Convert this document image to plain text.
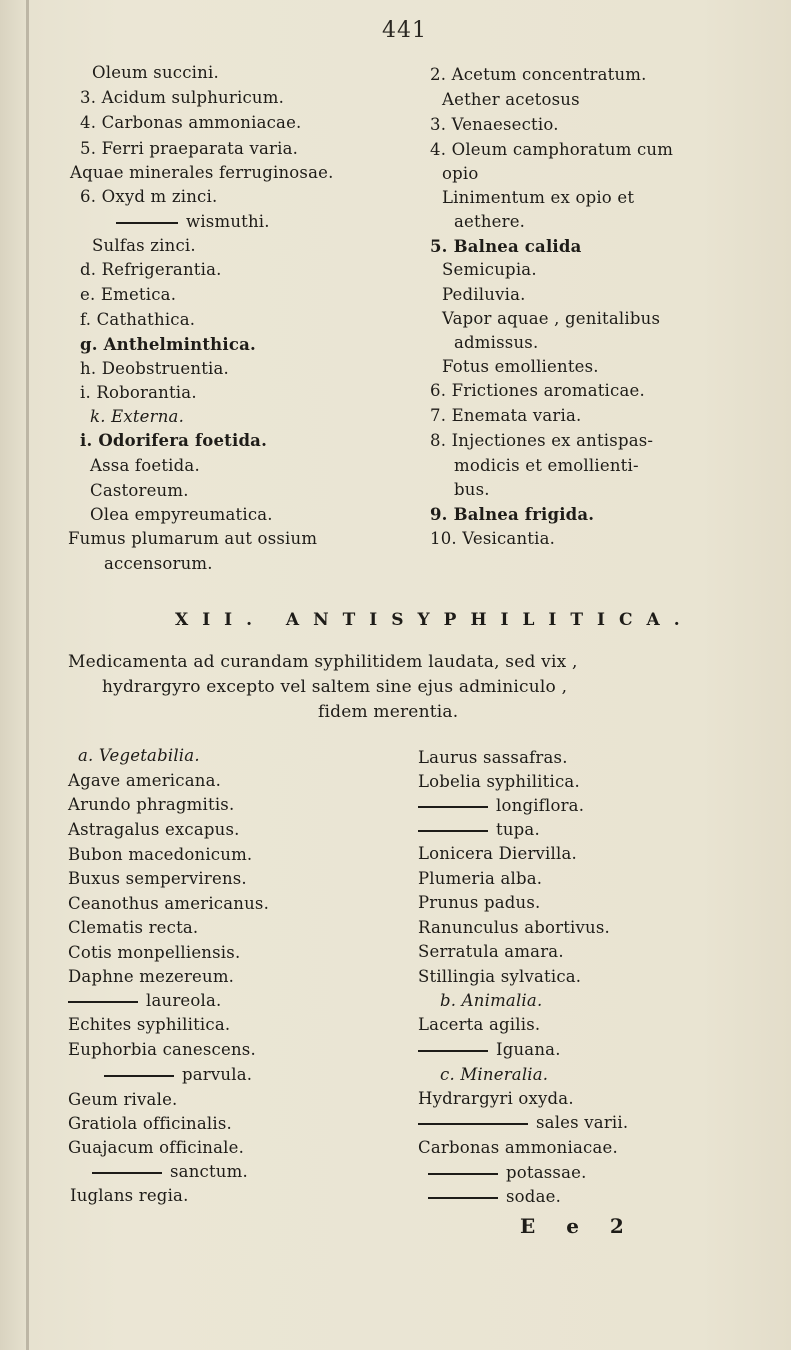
441
Oleum succini.
3. Acidum sulphuricum.
4. Carbonas ammoniacae.
5. Ferri praeparata varia.
Aquae minerales ferruginosae.
6. Oxyd m zinci.
wismuthi.
Sulfas zinci.
d. Refrigerantia.
e. Emetica.
f. Cathathica.
g. Anthelminthica.
h. Deobstruentia.
i. Roborantia.
k. Externa.
i. Odorifera foetida.
Assa foetida.
Castoreum.
Olea empyreumatica.
Fumus plumarum aut ossium
accensorum.
2. Acetum concentratum.
Aether acetosus
3. Venaesectio.
4. Oleum camphoratum cum
opio
Linimentum ex opio et
aethere.
5. Balnea calida
Semicupia.
Pediluvia.
Vapor aquae , genitalibus
admissus.
Fotus emollientes.
6. Frictiones aromaticae.
7. Enemata varia.
8. Injectiones ex antispas-
modicis et emollienti-
bus.
9. Balnea frigida.
10. Vesicantia.
XII. ANTISYPHILITICA.
Medicamenta ad curandam syphilitidem laudata, sed vix ,
hydrargyro excepto vel saltem sine ejus adminiculo ,
fidem merentia.
a. Vegetabilia.
Agave americana.
Arundo phragmitis.
Astragalus excapus.
Bubon macedonicum.
Buxus sempervirens.
Ceanothus americanus.
Clematis recta.
Cotis monpelliensis.
Daphne mezereum.
laureola.
Echites syphilitica.
Euphorbia canescens.
parvula.
Geum rivale.
Gratiola officinalis.
Guajacum officinale.
sanctum.
Iuglans regia.
Laurus sassafras.
Lobelia syphilitica.
longiflora.
tupa.
Lonicera Diervilla.
Plumeria alba.
Prunus padus.
Ranunculus abortivus.
Serratula amara.
Stillingia sylvatica.
b. Animalia.
Lacerta agilis.
Iguana.
c. Mineralia.
Hydrargyri oxyda.
sales varii.
Carbonas ammoniacae.
potassae.
sodae.
E e 2
